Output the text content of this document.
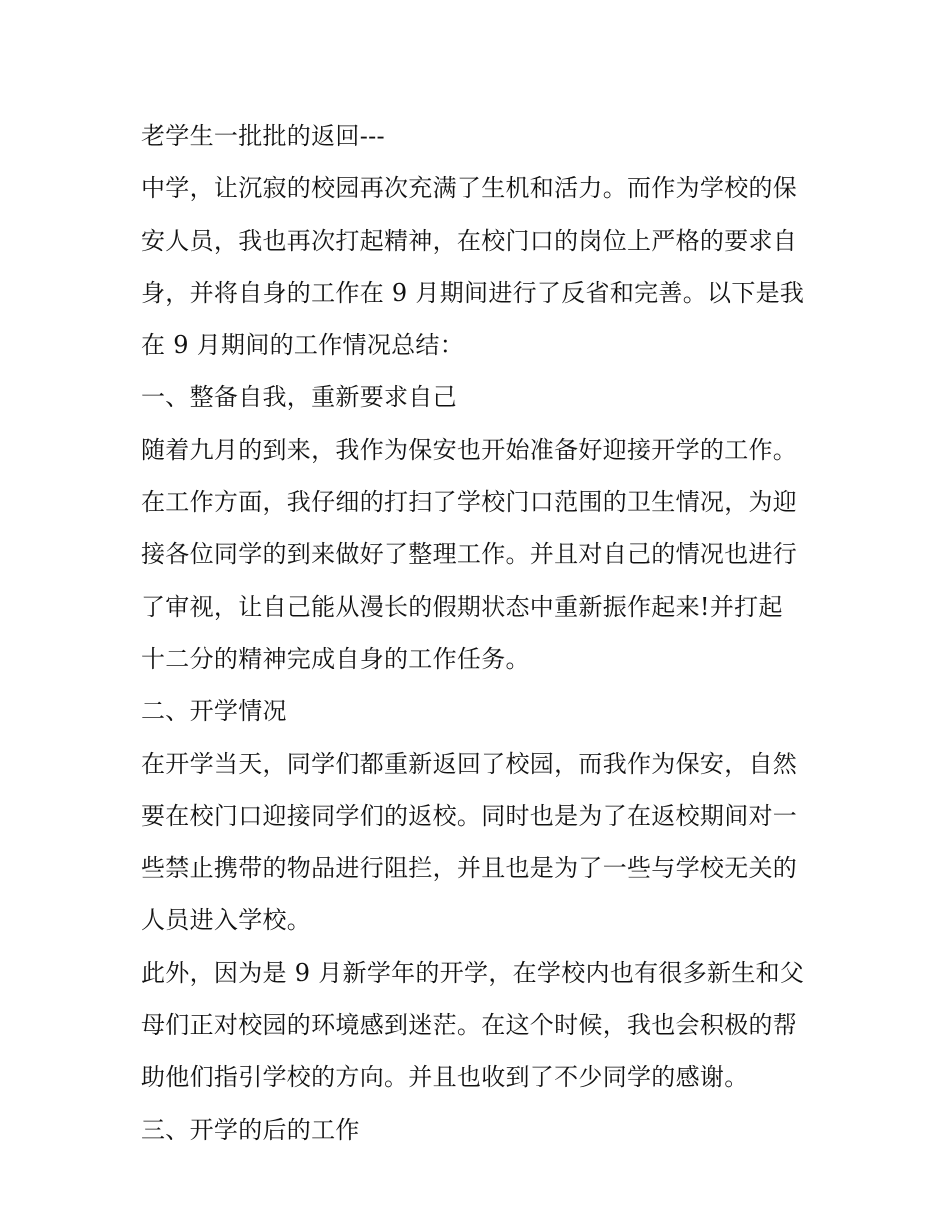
老学生一批批的返回---
中学，让沉寂的校园再次充满了生机和活力。而作为学校的保
安人员，我也再次打起精神，在校门口的岗位上严格的要求自
身，并将自身的工作在 9 月期间进行了反省和完善。以下是我
在 9 月期间的工作情况总结：
一、整备自我，重新要求自己
随着九月的到来，我作为保安也开始准备好迎接开学的工作。
在工作方面，我仔细的打扫了学校门口范围的卫生情况，为迎
接各位同学的到来做好了整理工作。并且对自己的情况也进行
了审视，让自己能从漫长的假期状态中重新振作起来!并打起
十二分的精神完成自身的工作任务。
二、开学情况
在开学当天，同学们都重新返回了校园，而我作为保安，自然
要在校门口迎接同学们的返校。同时也是为了在返校期间对一
些禁止携带的物品进行阻拦，并且也是为了一些与学校无关的
人员进入学校。
此外，因为是 9 月新学年的开学，在学校内也有很多新生和父
母们正对校园的环境感到迷茫。在这个时候，我也会积极的帮
助他们指引学校的方向。并且也收到了不少同学的感谢。
三、开学的后的工作
